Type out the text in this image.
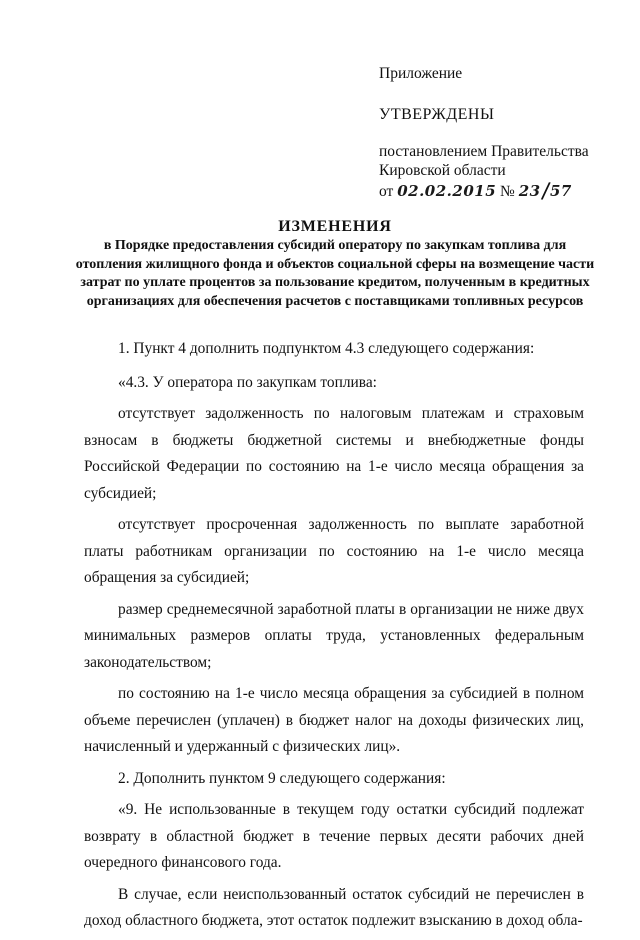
Приложение
УТВЕРЖДЕНЫ
постановлением Правительства
Кировской области
от 02.02.2015 № 23/57
ИЗМЕНЕНИЯ
в Порядке предоставления субсидий оператору по закупкам топлива для отопления жилищного фонда и объектов социальной сферы на возмещение части затрат по уплате процентов за пользование кредитом, полученным в кредитных организациях для обеспечения расчетов с поставщиками топливных ресурсов

1. Пункт 4 дополнить подпунктом 4.3 следующего содержания:

«4.3. У оператора по закупкам топлива:

отсутствует задолженность по налоговым платежам и страховым взносам в бюджеты бюджетной системы и внебюджетные фонды Российской Федерации по состоянию на 1-е число месяца обращения за субсидией;

отсутствует просроченная задолженность по выплате заработной платы работникам организации по состоянию на 1-е число месяца обращения за субсидией;

размер среднемесячной заработной платы в организации не ниже двух минимальных размеров оплаты труда, установленных федеральным законодательством;

по состоянию на 1-е число месяца обращения за субсидией в полном объеме перечислен (уплачен) в бюджет налог на доходы физических лиц, начисленный и удержанный с физических лиц».

2. Дополнить пунктом 9 следующего содержания:

«9. Не использованные в текущем году остатки субсидий подлежат возврату в областной бюджет в течение первых десяти рабочих дней очередного финансового года.

В случае, если неиспользованный остаток субсидий не перечислен в доход областного бюджета, этот остаток подлежит взысканию в доход обла-
